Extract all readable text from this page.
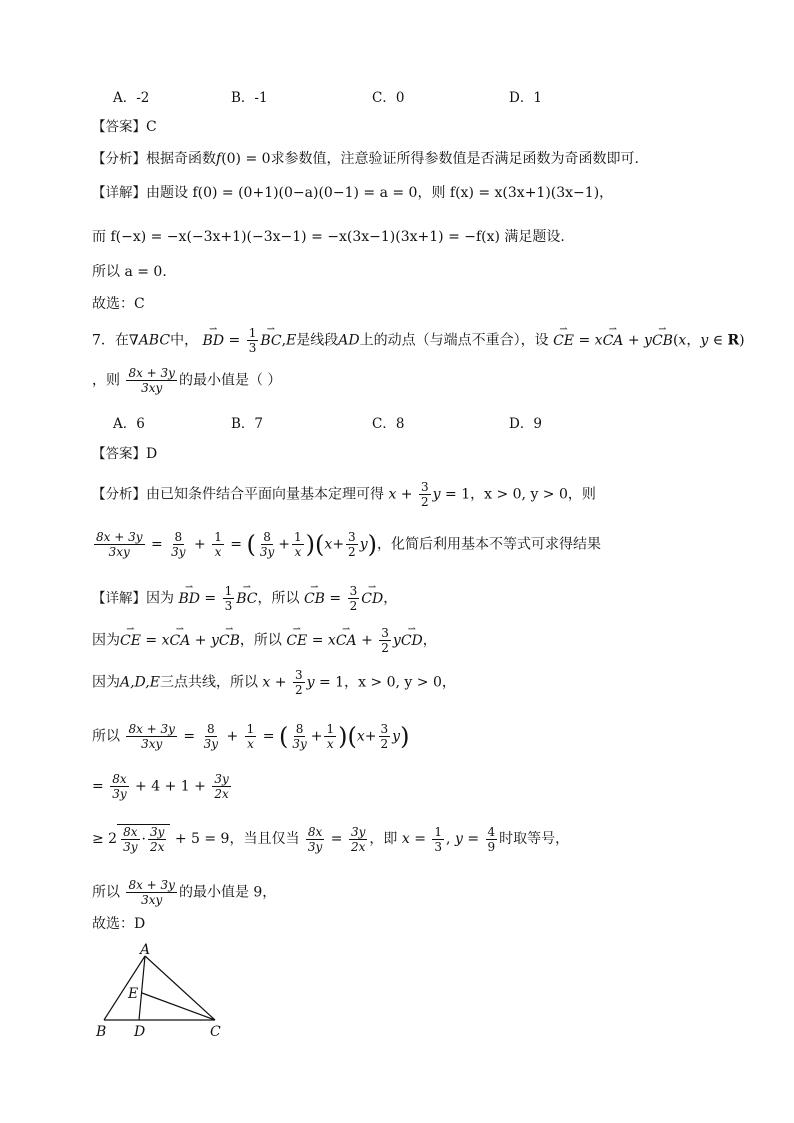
A．-2	B．-1	C．0	D．1
【答案】C
【分析】根据奇函数f(0) = 0求参数值，注意验证所得参数值是否满足函数为奇函数即可.
【详解】由题设 f(0) = (0+1)(0−a)(0−1) = a = 0，则 f(x) = x(3x+1)(3x−1)，
而 f(−x) = −x(−3x+1)(−3x−1) = −x(3x−1)(3x+1) = −f(x) 满足题设.
所以 a = 0.
故选：C
7．在∇ABC中， ⇀ BD = $\frac{1}{3}$ ⇀ BC,E是线段AD上的动点（与端点不重合），设 ⇀ CE = x⇀ CA + y⇀ CB(x，y ∈ R)
，则 $\frac{8x + 3y}{3xy}$ 的最小值是（ ）
A．6	B．7	C．8	D．9
【答案】D
【分析】由已知条件结合平面向量基本定理可得 $x + \frac{3}{2}$ y = 1，x > 0, y > 0，则
$\frac{8x + 3y}{3xy} = \frac{8}{3y} + \frac{1}{x}$ = ( $\frac{8}{3y} + \frac{1}{x} )(x+ \frac{3}{2} y)$，化简后利用基本不等式可求得结果
【详解】因为 ⇀ BD = $\frac{1}{3}$ ⇀ BC，所以 ⇀ CB = $\frac{3}{2}$ ⇀ CD，
因为⇀ CE = x⇀ CA + y⇀ CB，所以 ⇀ CE = x⇀ CA + $\frac{3}{2}$ y⇀ CD，
因为A,D,E三点共线，所以 $x + \frac{3}{2}$ y = 1，x > 0, y > 0，
所以 $\frac{8x + 3y}{3xy} = \frac{8}{3y} + \frac{1}{x}$ = ( $\frac{8}{3y} + \frac{1}{x} )(x+ \frac{3}{2} y)$
= $\frac{8x}{3y} + 4 + 1 + \frac{3y}{2x}$
≥ $2 \frac{8x}{3y} \cdot \frac{3y}{2x} + 5 = 9$，当且仅当 $\frac{8x}{3y} = \frac{3y}{2x}$ ，即 $x = \frac{1}{3}$ , $y = \frac{4}{9}$ 时取等号，
所以 $\frac{8x + 3y}{3xy}$ 的最小值是 9，
故选：D
A
E
B D	C
